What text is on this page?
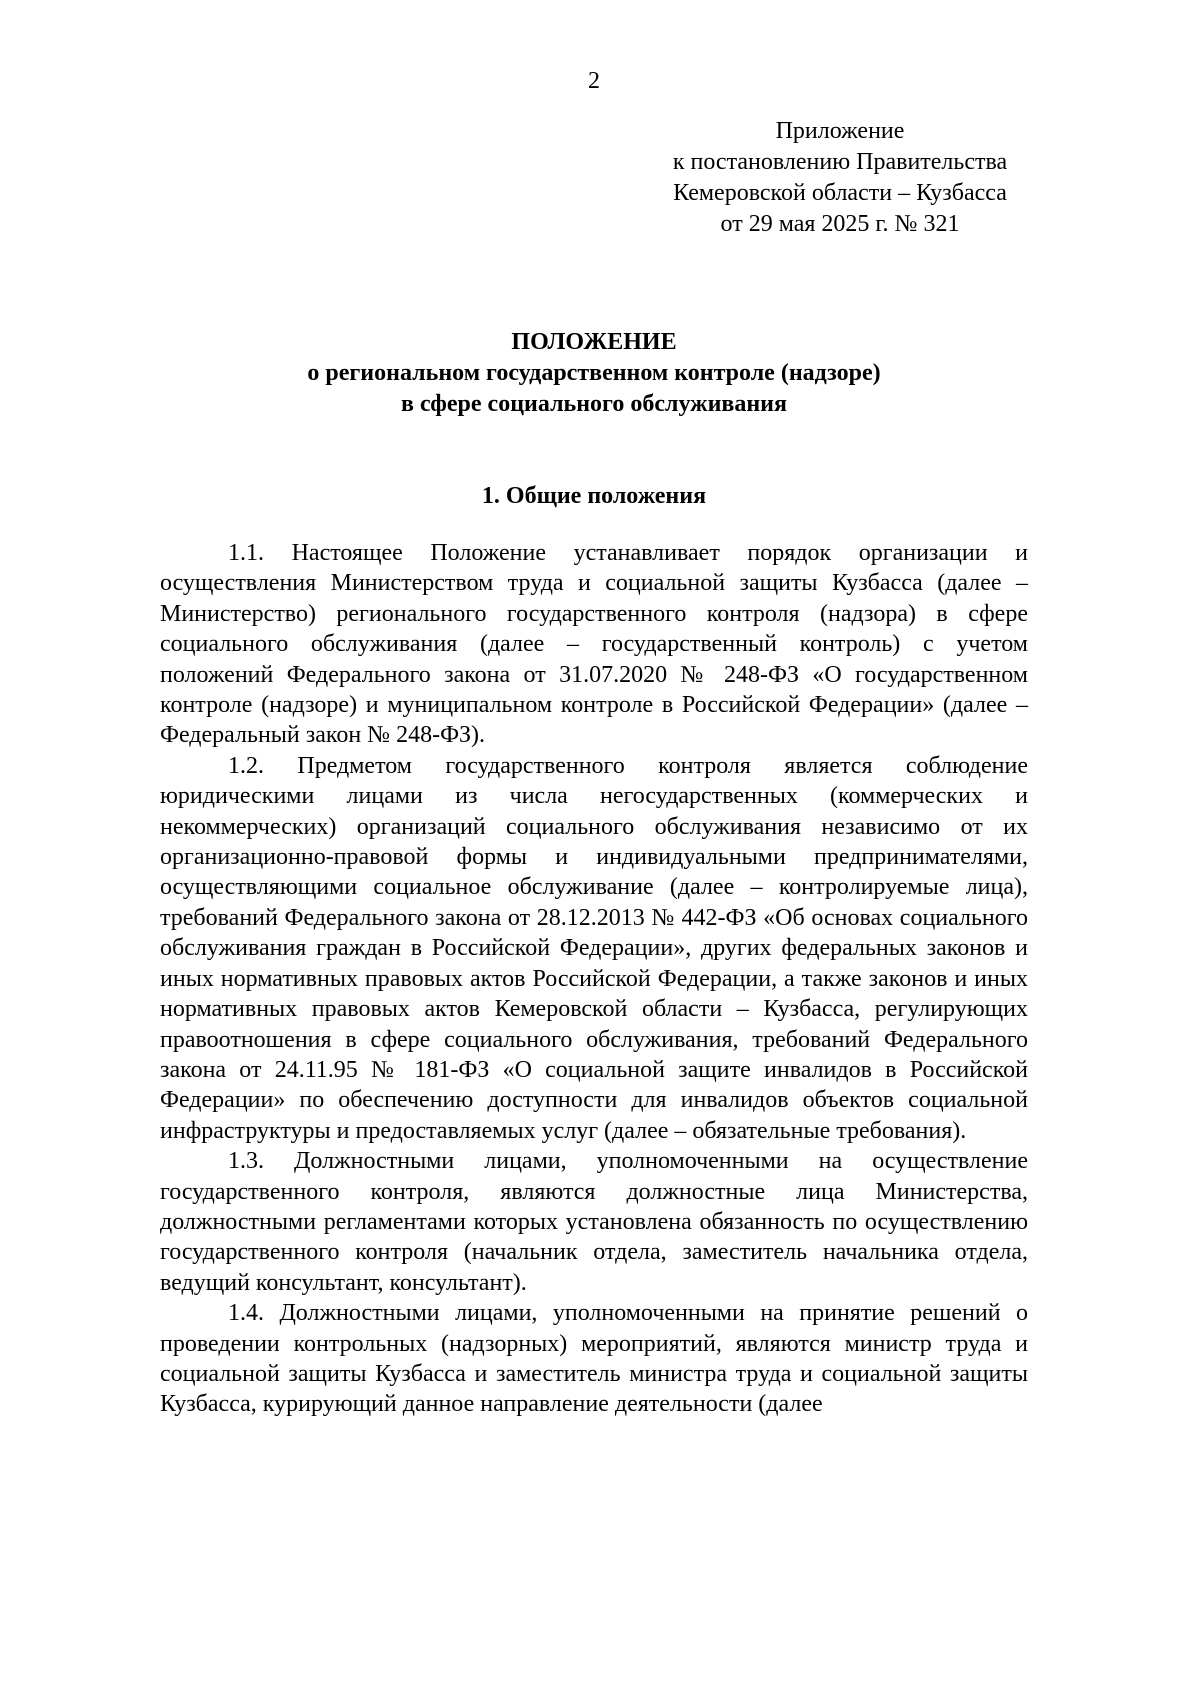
2
Приложение
к постановлению Правительства
Кемеровской области – Кузбасса
от 29 мая 2025 г. № 321
ПОЛОЖЕНИЕ
о региональном государственном контроле (надзоре)
в сфере социального обслуживания
1. Общие положения

1.1. Настоящее Положение устанавливает порядок организации и осуществления Министерством труда и социальной защиты Кузбасса (далее – Министерство) регионального государственного контроля (надзора) в сфере социального обслуживания (далее – государственный контроль) с учетом положений Федерального закона от 31.07.2020 № 248-ФЗ «О государственном контроле (надзоре) и муниципальном контроле в Российской Федерации» (далее – Федеральный закон № 248-ФЗ).

1.2. Предметом государственного контроля является соблюдение юридическими лицами из числа негосударственных (коммерческих и некоммерческих) организаций социального обслуживания независимо от их организационно-правовой формы и индивидуальными предпринимателями, осуществляющими социальное обслуживание (далее – контролируемые лица), требований Федерального закона от 28.12.2013 № 442-ФЗ «Об основах социального обслуживания граждан в Российской Федерации», других федеральных законов и иных нормативных правовых актов Российской Федерации, а также законов и иных нормативных правовых актов Кемеровской области – Кузбасса, регулирующих правоотношения в сфере социального обслуживания, требований Федерального закона от 24.11.95 № 181-ФЗ «О социальной защите инвалидов в Российской Федерации» по обеспечению доступности для инвалидов объектов социальной инфраструктуры и предоставляемых услуг (далее – обязательные требования).

1.3. Должностными лицами, уполномоченными на осуществление государственного контроля, являются должностные лица Министерства, должностными регламентами которых установлена обязанность по осуществлению государственного контроля (начальник отдела, заместитель начальника отдела, ведущий консультант, консультант).

1.4. Должностными лицами, уполномоченными на принятие решений о проведении контрольных (надзорных) мероприятий, являются министр труда и социальной защиты Кузбасса и заместитель министра труда и социальной защиты Кузбасса, курирующий данное направление деятельности (далее
